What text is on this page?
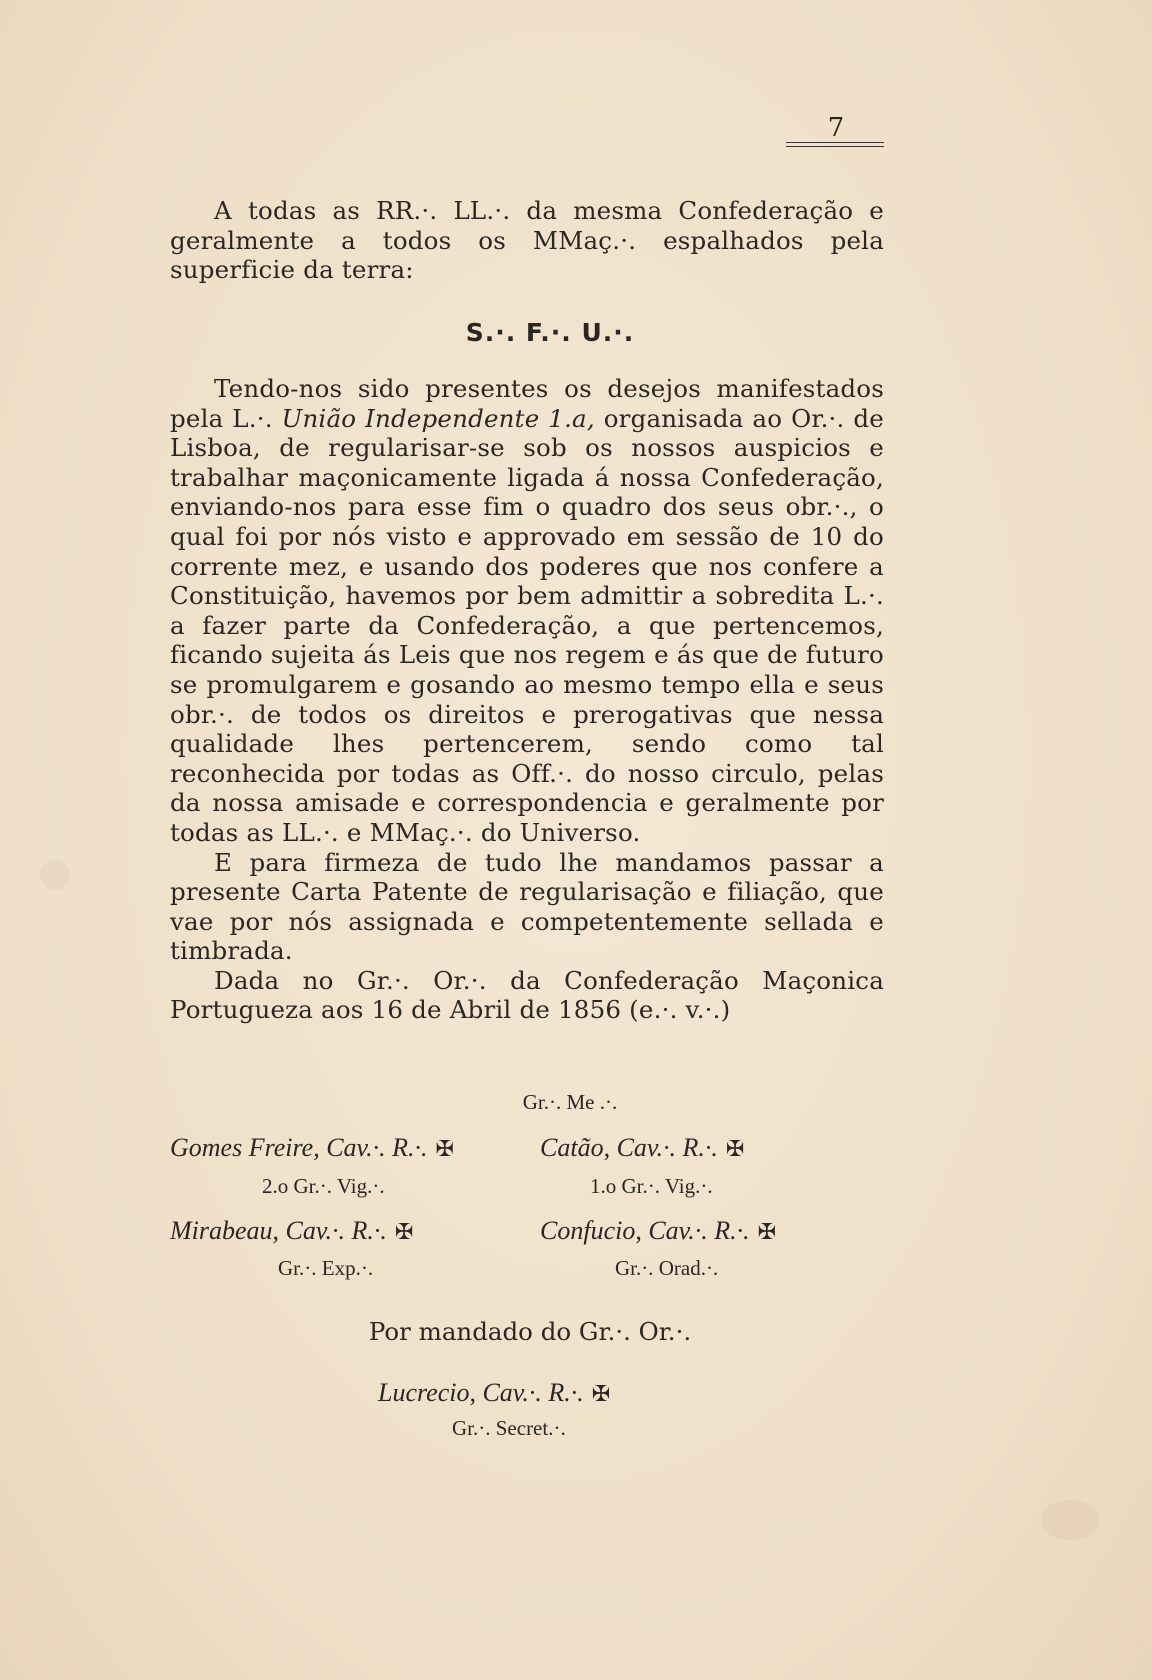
7
A todas as RR.·. LL.·. da mesma Confederação e geralmente a todos os MMaç.·. espalhados pela superficie da terra:
S.·. F.·. U.·.

Tendo-nos sido presentes os desejos manifestados pela L.·. União Independente 1.a, organisada ao Or.·. de Lisboa, de regularisar-se sob os nossos auspicios e trabalhar maçonicamente ligada á nossa Confederação, enviando-nos para esse fim o quadro dos seus obr.·., o qual foi por nós visto e approvado em sessão de 10 do corrente mez, e usando dos poderes que nos confere a Constituição, havemos por bem admittir a sobredita L.·. a fazer parte da Confederação, a que pertencemos, ficando sujeita ás Leis que nos regem e ás que de futuro se promulgarem e gosando ao mesmo tempo ella e seus obr.·. de todos os direitos e prerogativas que nessa qualidade lhes pertencerem, sendo como tal reconhecida por todas as Off.·. do nosso circulo, pelas da nossa amisade e correspondencia e geralmente por todas as LL.·. e MMaç.·. do Universo.

E para firmeza de tudo lhe mandamos passar a presente Carta Patente de regularisação e filiação, que vae por nós assignada e competentemente sellada e timbrada.

Dada no Gr.·. Or.·. da Confederação Maçonica Portugueza aos 16 de Abril de 1856 (e.·. v.·.)

Gr.·. Me .·.
Gomes Freire, Cav.·. R.·. ✠
2.o Gr.·. Vig.·.
Catão, Cav.·. R.·. ✠
1.o Gr.·. Vig.·.
Mirabeau, Cav.·. R.·. ✠
Gr.·. Exp.·.
Confucio, Cav.·. R.·. ✠
Gr.·. Orad.·.
Por mandado do Gr.·. Or.·.
Lucrecio, Cav.·. R.·. ✠
Gr.·. Secret.·.
